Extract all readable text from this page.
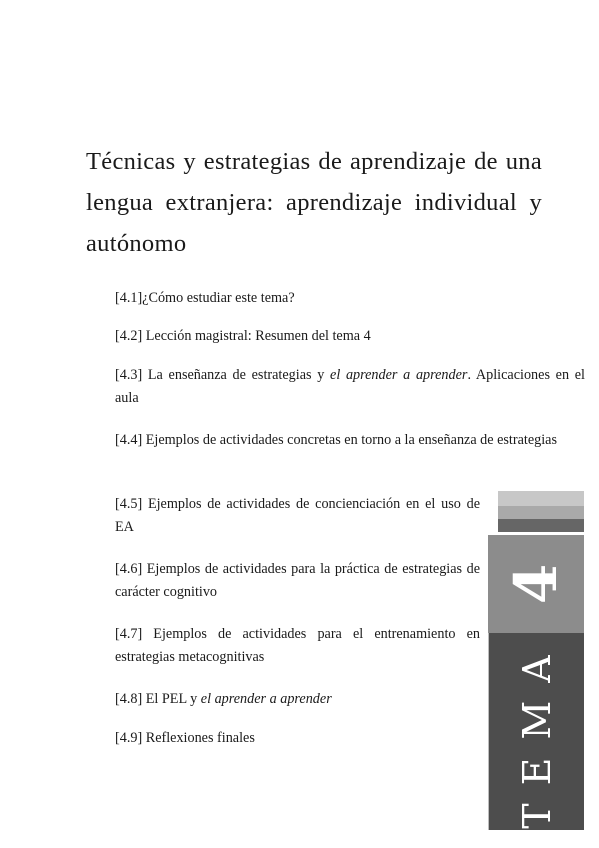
Técnicas y estrategias de aprendizaje de una lengua extranjera: aprendizaje individual y autónomo
[4.1]¿Cómo estudiar este tema?
[4.2] Lección magistral: Resumen del tema 4
[4.3] La enseñanza de estrategias y el aprender a aprender. Aplicaciones en el aula
[4.4] Ejemplos de actividades concretas en torno a la enseñanza de estrategias
[4.5] Ejemplos de actividades de concienciación en el uso de EA
[4.6] Ejemplos de actividades para la práctica de estrategias de carácter cognitivo
[4.7] Ejemplos de actividades para el entrenamiento en estrategias metacognitivas
[4.8] El PEL y el aprender a aprender
[4.9] Reflexiones finales
4
TEMA
